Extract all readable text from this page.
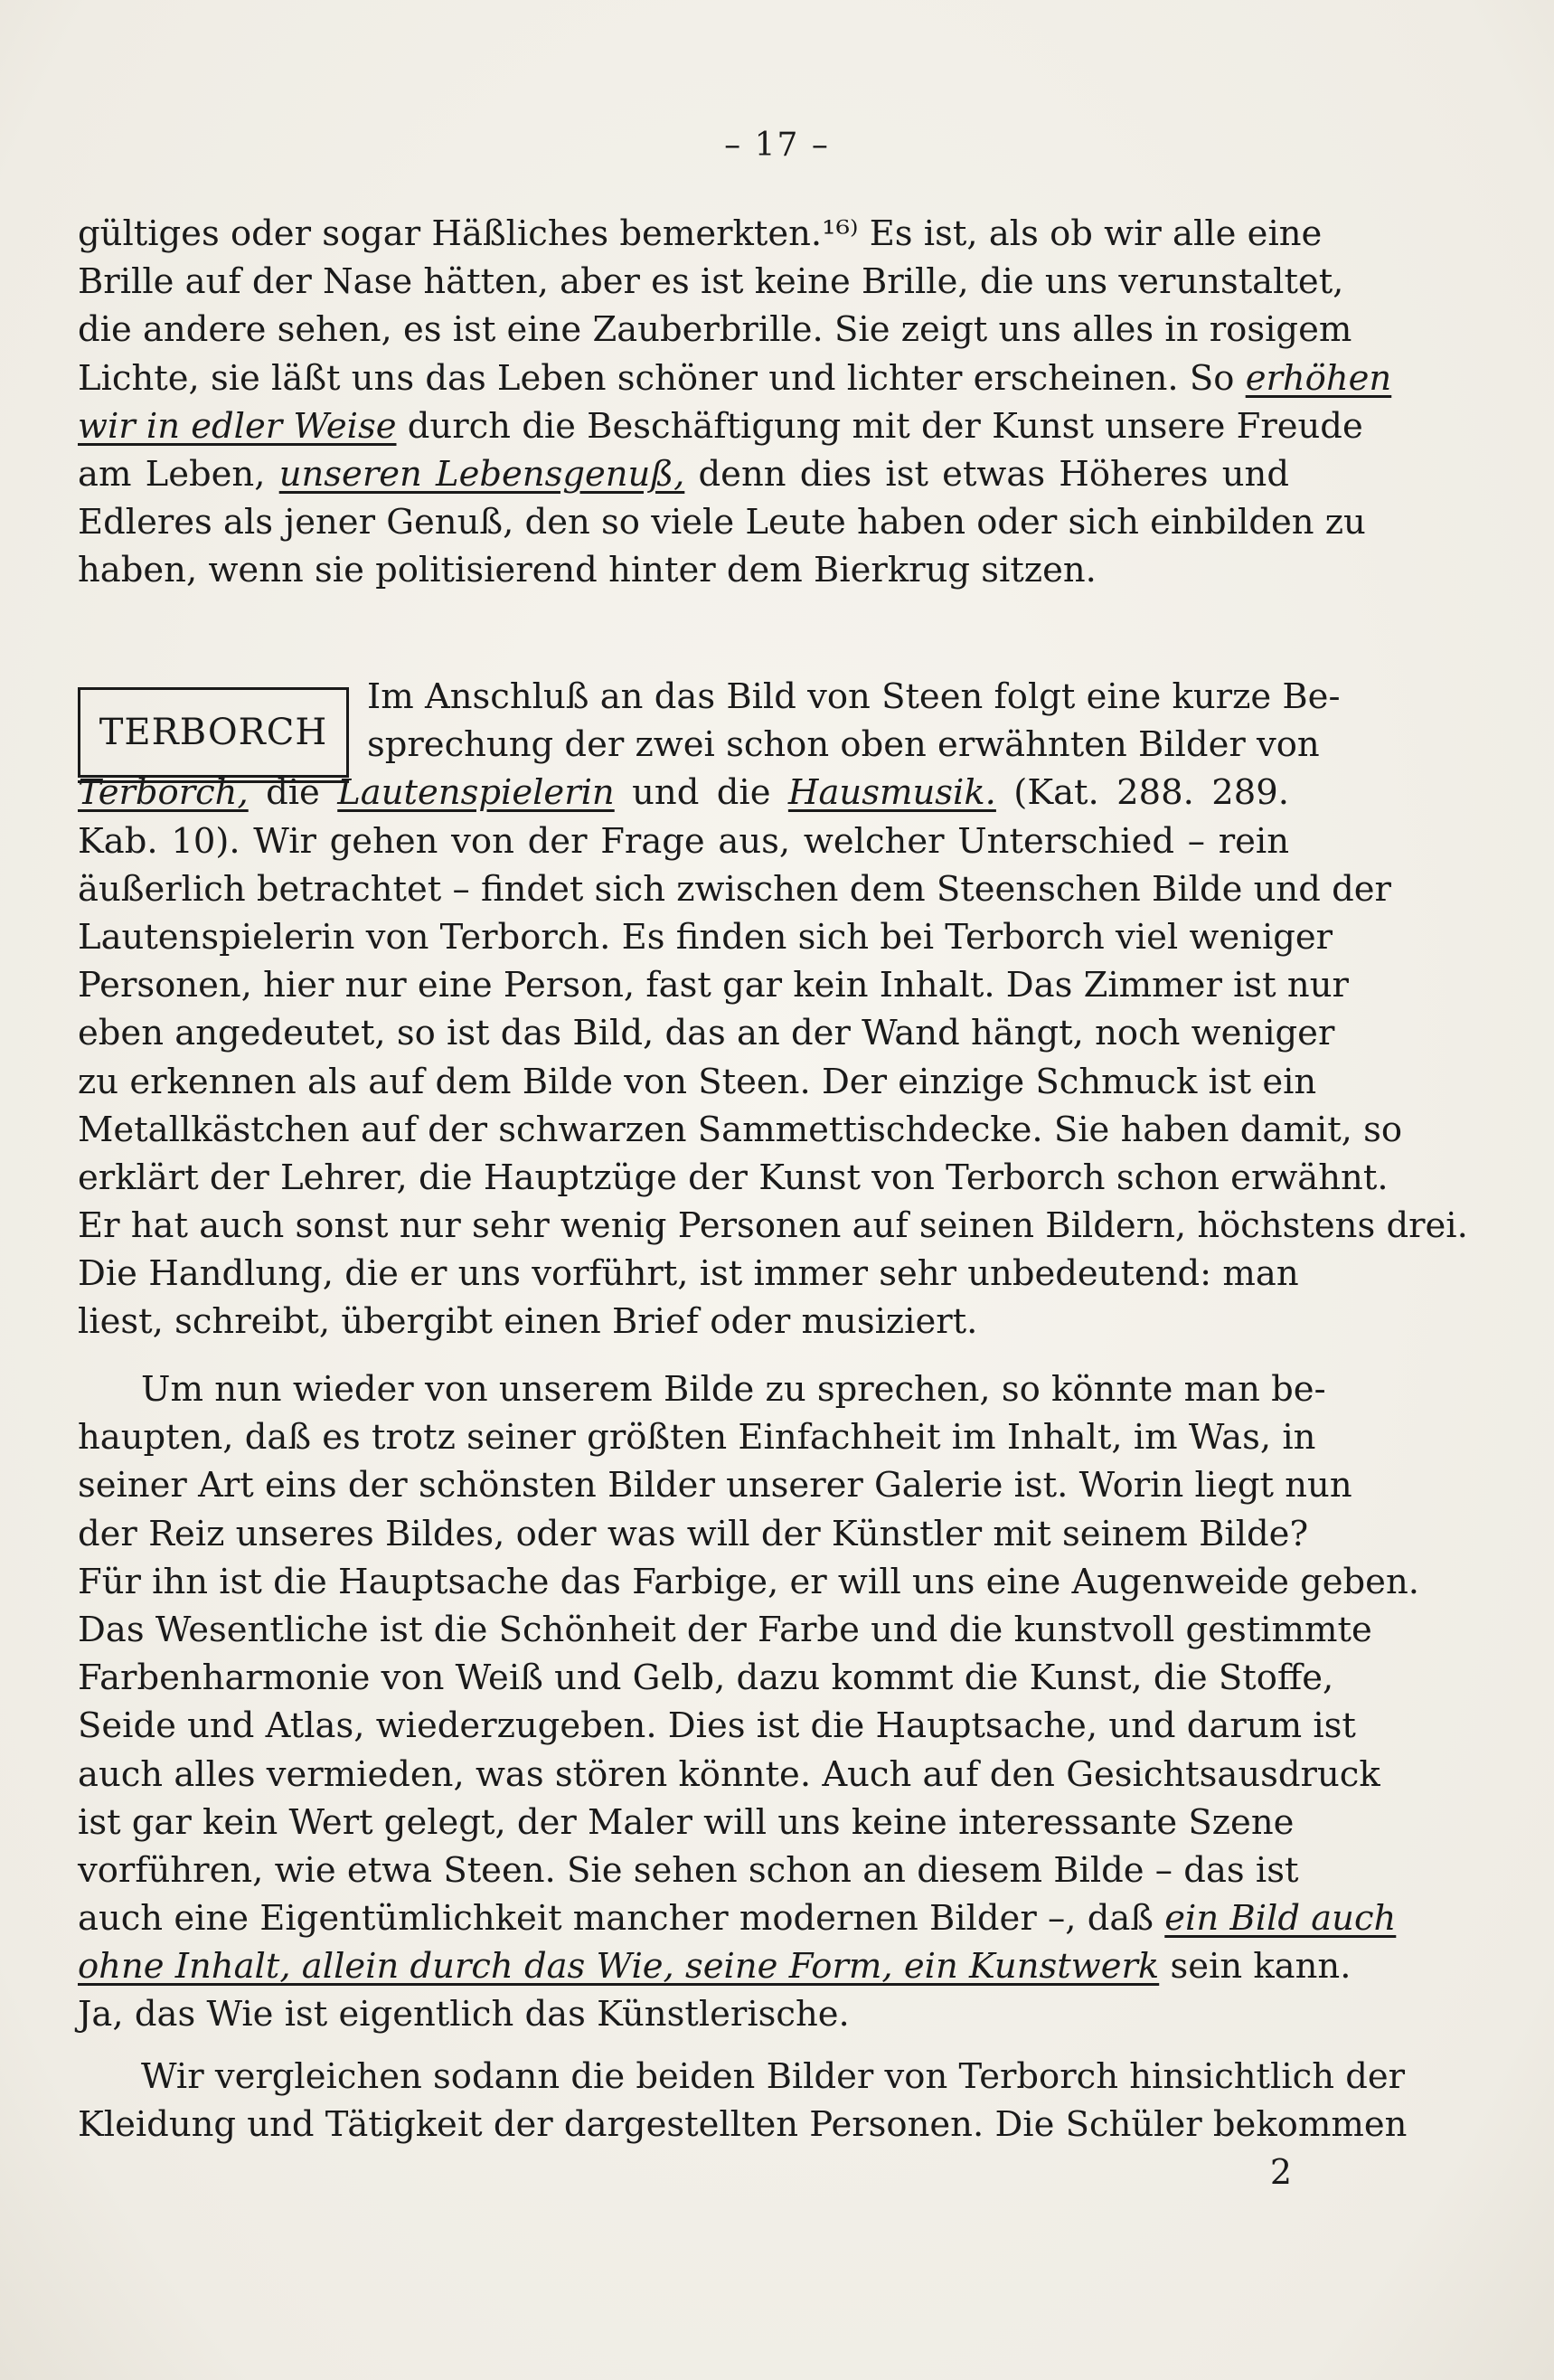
– 17 –
gültiges oder sogar Häßliches bemerkten.¹⁶⁾ Es ist, als ob wir alle eine
Brille auf der Nase hätten, aber es ist keine Brille, die uns verunstaltet,
die andere sehen, es ist eine Zauberbrille. Sie zeigt uns alles in rosigem
Lichte, sie läßt uns das Leben schöner und lichter erscheinen. So erhöhen
wir in edler Weise durch die Beschäftigung mit der Kunst unsere Freude
am Leben, unseren Lebensgenuß, denn dies ist etwas Höheres und
Edleres als jener Genuß, den so viele Leute haben oder sich einbilden zu
haben, wenn sie politisierend hinter dem Bierkrug sitzen.
TERBORCH
Im Anschluß an das Bild von Steen folgt eine kurze Be-
sprechung der zwei schon oben erwähnten Bilder von
Terborch, die Lautenspielerin und die Hausmusik. (Kat. 288. 289.
Kab. 10). Wir gehen von der Frage aus, welcher Unterschied – rein
äußerlich betrachtet – findet sich zwischen dem Steenschen Bilde und der
Lautenspielerin von Terborch. Es finden sich bei Terborch viel weniger
Personen, hier nur eine Person, fast gar kein Inhalt. Das Zimmer ist nur
eben angedeutet, so ist das Bild, das an der Wand hängt, noch weniger
zu erkennen als auf dem Bilde von Steen. Der einzige Schmuck ist ein
Metallkästchen auf der schwarzen Sammettischdecke. Sie haben damit, so
erklärt der Lehrer, die Hauptzüge der Kunst von Terborch schon erwähnt.
Er hat auch sonst nur sehr wenig Personen auf seinen Bildern, höchstens drei.
Die Handlung, die er uns vorführt, ist immer sehr unbedeutend: man
liest, schreibt, übergibt einen Brief oder musiziert.
Um nun wieder von unserem Bilde zu sprechen, so könnte man be-
haupten, daß es trotz seiner größten Einfachheit im Inhalt, im Was, in
seiner Art eins der schönsten Bilder unserer Galerie ist. Worin liegt nun
der Reiz unseres Bildes, oder was will der Künstler mit seinem Bilde?
Für ihn ist die Hauptsache das Farbige, er will uns eine Augenweide geben.
Das Wesentliche ist die Schönheit der Farbe und die kunstvoll gestimmte
Farbenharmonie von Weiß und Gelb, dazu kommt die Kunst, die Stoffe,
Seide und Atlas, wiederzugeben. Dies ist die Hauptsache, und darum ist
auch alles vermieden, was stören könnte. Auch auf den Gesichtsausdruck
ist gar kein Wert gelegt, der Maler will uns keine interessante Szene
vorführen, wie etwa Steen. Sie sehen schon an diesem Bilde – das ist
auch eine Eigentümlichkeit mancher modernen Bilder –, daß ein Bild auch
ohne Inhalt, allein durch das Wie, seine Form, ein Kunstwerk sein kann.
Ja, das Wie ist eigentlich das Künstlerische.
Wir vergleichen sodann die beiden Bilder von Terborch hinsichtlich der
Kleidung und Tätigkeit der dargestellten Personen. Die Schüler bekommen
2
